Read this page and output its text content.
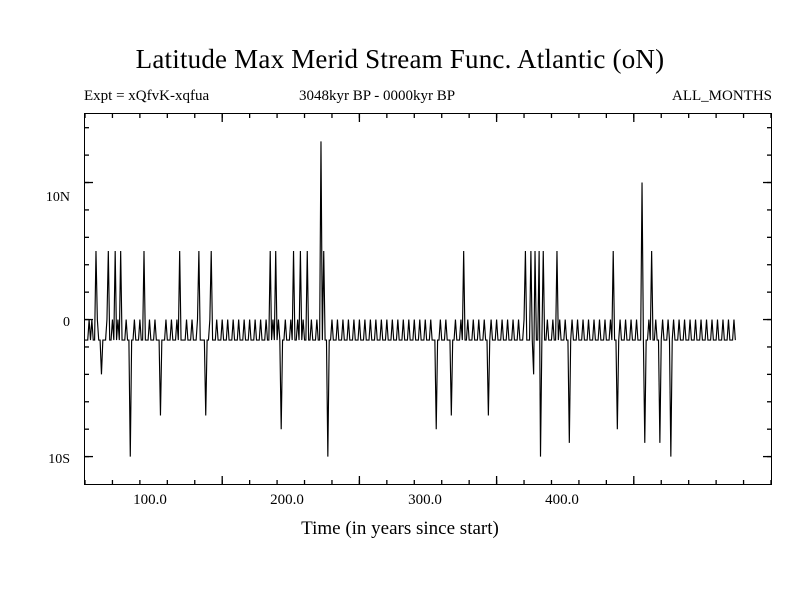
Latitude Max Merid Stream Func. Atlantic (oN)
Expt = xQfvK-xqfua	3048kyr BP - 0000kyr BP	ALL_MONTHS
10N
0
10S
100.0	200.0	300.0	400.0
Time (in years since start)
